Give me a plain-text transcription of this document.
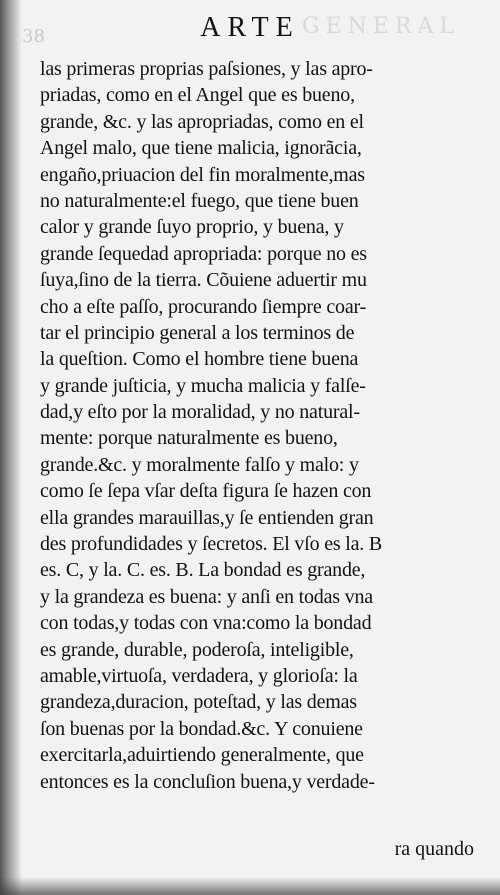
38	GENERAL
ARTE
las primeras proprias paſsiones, y las apro-
priadas, como en el Angel que es bueno,
grande, &c. y las apropriadas, como en el
Angel malo, que tiene malicia, ignorãcia,
engaño,priuacion del fin moralmente,mas
no naturalmente:el fuego, que tiene buen
calor y grande ſuyo proprio, y buena, y
grande ſequedad apropriada: porque no es
ſuya,ſino de la tierra. Cõuiene aduertir mu
cho a eſte paſſo, procurando ſiempre coar-
tar el principio general a los terminos de
la queſtion. Como el hombre tiene buena
y grande juſticia, y mucha malicia y falſe-
dad,y eſto por la moralidad, y no natural-
mente: porque naturalmente es bueno,
grande.&c. y moralmente falſo y malo: y
como ſe ſepa vſar deſta figura ſe hazen con
ella grandes marauillas,y ſe entienden gran
des profundidades y ſecretos. El vſo es la. B
es. C, y la. C. es. B. La bondad es grande,
y la grandeza es buena: y anſi en todas vna
con todas,y todas con vna:como la bondad
es grande, durable, poderoſa, inteligible,
amable,virtuoſa, verdadera, y glorioſa: la
grandeza,duracion, poteſtad, y las demas
ſon buenas por la bondad.&c. Y conuiene
exercitarla,aduirtiendo generalmente, que
entonces es la concluſion buena,y verdade-
ra quando
